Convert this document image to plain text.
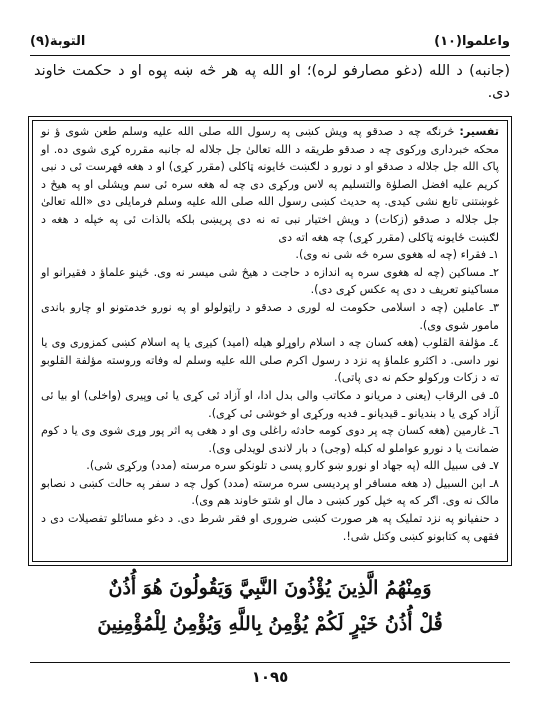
التوبة(٩)	واعلموا(١٠)
(جانبه) د الله (دغو مصارفو لره)؛ او الله په هر څه ښه پوه او د حکمت خاوند دی.

تفسیر: څرنګه چه د صدقو په ویش کښی په رسول الله صلی الله علیه وسلم طعن شوی ؤ نو محکه خبرداری ورکوی چه د صدقو طریقه د الله تعالیٰ جل جلاله له جانبه مقرره کړی شوی ده. او پاک الله جل جلاله د صدقو او د نورو د لګښت ځایونه ټاکلی (مقرر کړی) او د هغه فهرست ئی د نبی کریم علیه افضل الصلوٰة والتسلیم په لاس ورکړی دی چه له هغه سره ئی سم ویشلی او په هیڅ د غوښتنی تابع نشی کیدی. په حدیث کښی رسول الله صلی الله علیه وسلم فرمایلی دی «الله تعالیٰ جل جلاله د صدقو (زکات) د ویش اختیار نبی ته نه دی پریښی بلکه بالذات ئی په خپله د هغه د لګښت ځایونه ټاکلی (مقرر کړی) چه هغه اته دی

١ـ فقراء (چه له هغوی سره څه شی نه وی).

٢ـ مساکین (چه له هغوی سره په اندازه د حاجت د هیڅ شی میسر نه وی. ځینو علماؤ د فقیرانو او مساکینو تعریف د دی په عکس کړی دی).

٣ـ عاملین (چه د اسلامی حکومت له لوری د صدقو د راټولولو او په نورو خدمتونو او چارو باندی مامور شوی وی).

٤ـ مؤلفة القلوب (هغه کسان چه د اسلام راوړلو هیله (امید) کیږی یا په اسلام کښی کمزوری وی یا نور داسی. د اکثرو علماؤ په نزد د رسول اکرم صلی الله علیه وسلم له وفاته وروسته مؤلفة القلوبو ته د زکات ورکولو حکم نه دی پاتی).

٥ـ فی الرقاب (یعنی د مریانو د مکاتب والی بدل ادا، او آزاد ئی کړی یا ئی وپیری (واخلی) او بیا ئی آزاد کړی یا د بندیانو ـ قیدیانو ـ فدیه ورکړی او خوشی ئی کړی).

٦ـ غارمین (هغه کسان چه پر دوی کومه حادثه راغلی وی او د هغی په اثر پور وړی شوی وی یا د کوم ضمانت یا د نورو عواملو له کبله (وجی) د بار لاندی لویدلی وی).

٧ـ فی سبیل الله (په جهاد او نورو ښو کارو پسی د تلونکو سره مرسته (مدد) ورکړی شی).

٨ـ ابن السبیل (د هغه مسافر او پردیسی سره مرسته (مدد) کول چه د سفر په حالت کښی د نصابو مالک نه وی. اګر که په خپل کور کښی د مال او شتو خاوند هم وی).

د حنفیانو په نزد تملیک په هر صورت کښی ضروری او فقر شرط دی. د دغو مسائلو تفصیلات دی د فقهی په کتابونو کښی وکتل شی!.

وَمِنْهُمُ الَّذِينَ يُؤْذُونَ النَّبِيَّ وَيَقُولُونَ هُوَ أُذُنٌ
قُلْ أُذُنُ خَيْرٍ لَكُمْ يُؤْمِنُ بِاللَّهِ وَيُؤْمِنُ لِلْمُؤْمِنِينَ
١٠٩٥
